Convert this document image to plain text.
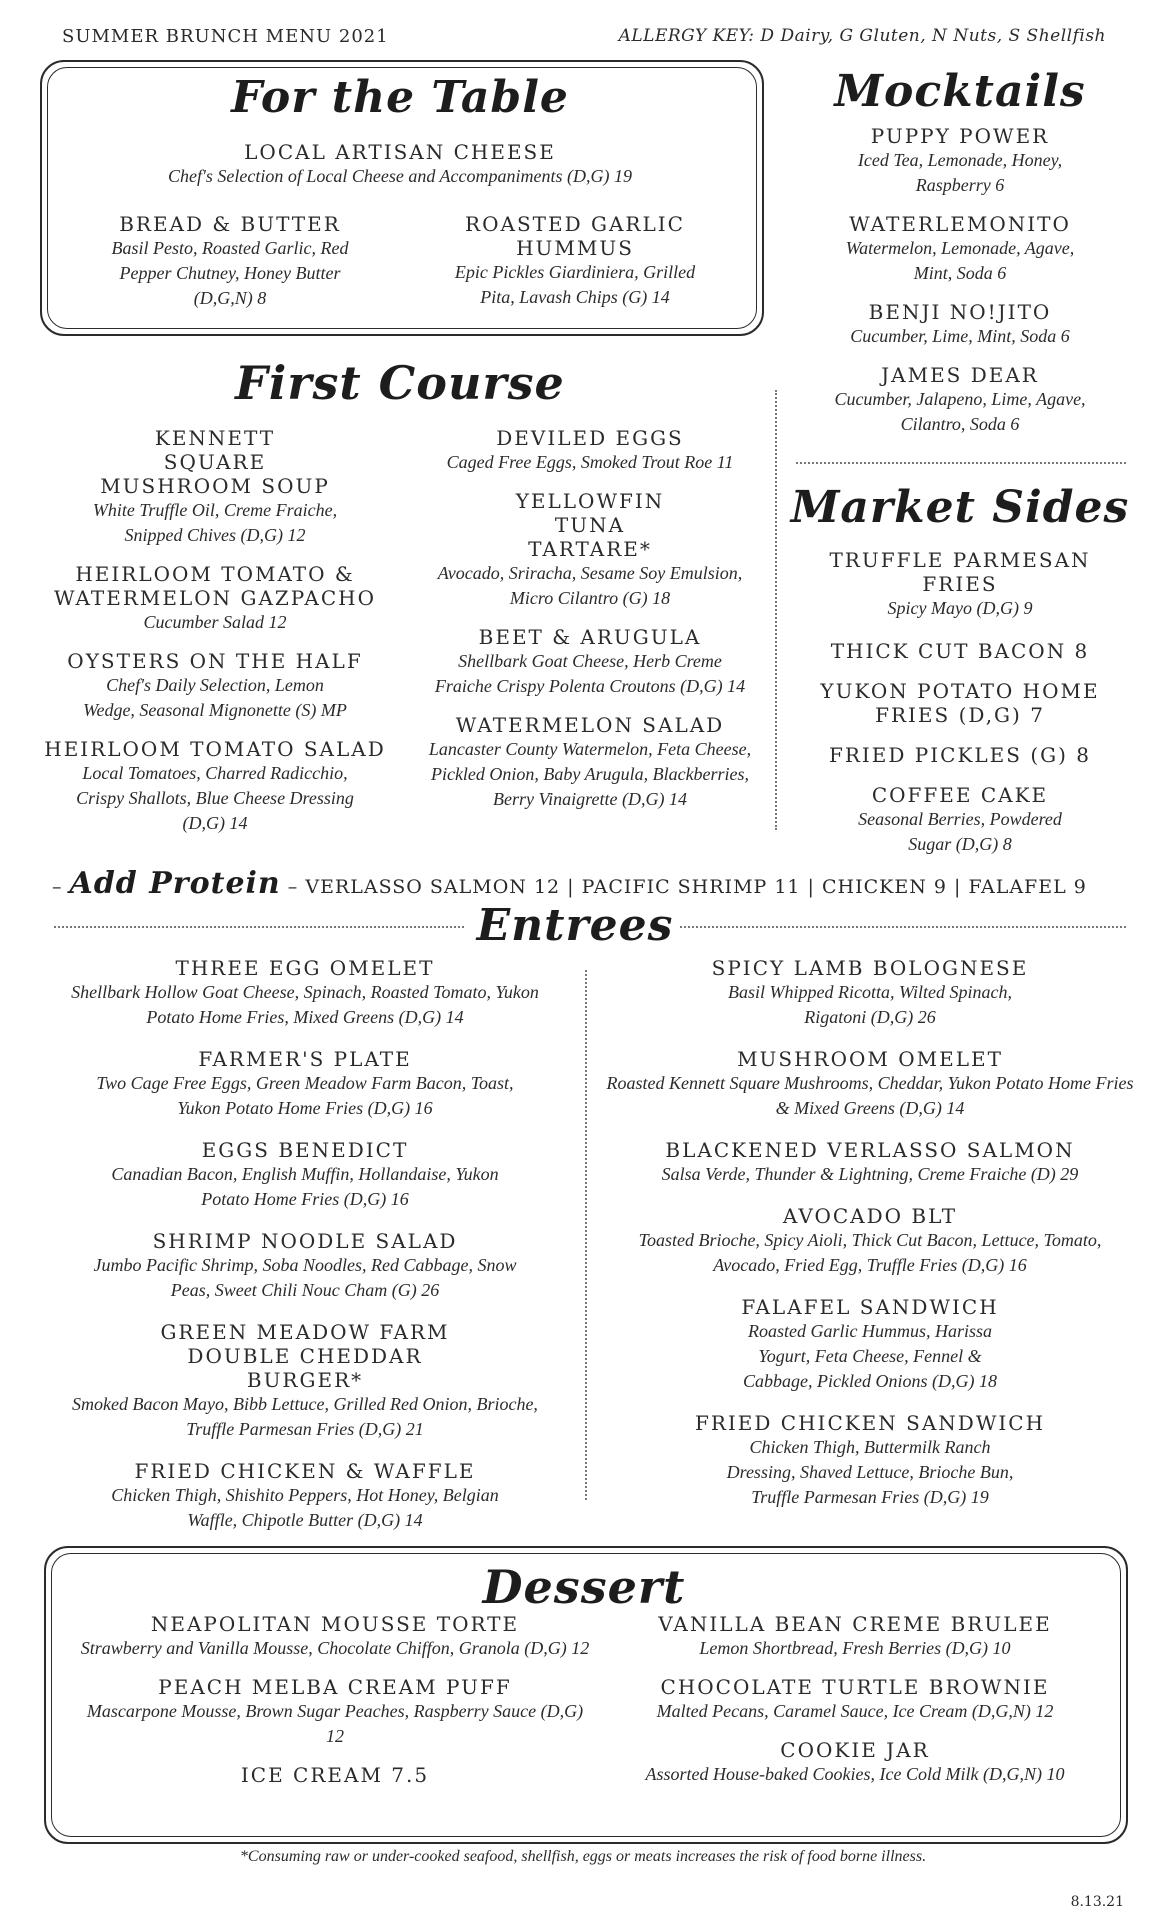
SUMMER BRUNCH MENU 2021	ALLERGY KEY: D Dairy, G Gluten, N Nuts, S Shellfish
For the Table
LOCAL ARTISAN CHEESE
Chef's Selection of Local Cheese and Accompaniments (D,G) 19
BREAD & BUTTER
Basil Pesto, Roasted Garlic, Red Pepper Chutney, Honey Butter (D,G,N) 8
ROASTED GARLIC HUMMUS
Epic Pickles Giardiniera, Grilled Pita, Lavash Chips (G) 14
Mocktails
PUPPY POWER
Iced Tea, Lemonade, Honey, Raspberry 6
WATERLEMONITO
Watermelon, Lemonade, Agave, Mint, Soda 6
BENJI NO!JITO
Cucumber, Lime, Mint, Soda 6
JAMES DEAR
Cucumber, Jalapeno, Lime, Agave, Cilantro, Soda 6
First Course
KENNETT SQUARE MUSHROOM SOUP
White Truffle Oil, Creme Fraiche, Snipped Chives (D,G) 12
HEIRLOOM TOMATO & WATERMELON GAZPACHO
Cucumber Salad 12
OYSTERS ON THE HALF
Chef's Daily Selection, Lemon Wedge, Seasonal Mignonette (S) MP
HEIRLOOM TOMATO SALAD
Local Tomatoes, Charred Radicchio, Crispy Shallots, Blue Cheese Dressing (D,G) 14
DEVILED EGGS
Caged Free Eggs, Smoked Trout Roe 11
YELLOWFIN TUNA TARTARE*
Avocado, Sriracha, Sesame Soy Emulsion, Micro Cilantro (G) 18
BEET & ARUGULA
Shellbark Goat Cheese, Herb Creme Fraiche Crispy Polenta Croutons (D,G) 14
WATERMELON SALAD
Lancaster County Watermelon, Feta Cheese, Pickled Onion, Baby Arugula, Blackberries, Berry Vinaigrette (D,G) 14
Market Sides
TRUFFLE PARMESAN FRIES
Spicy Mayo (D,G) 9
THICK CUT BACON 8
YUKON POTATO HOME FRIES (D,G) 7
FRIED PICKLES (G) 8
COFFEE CAKE
Seasonal Berries, Powdered Sugar (D,G) 8
– Add Protein – VERLASSO SALMON 12 | PACIFIC SHRIMP 11 | CHICKEN 9 | FALAFEL 9
Entrees
THREE EGG OMELET
Shellbark Hollow Goat Cheese, Spinach, Roasted Tomato, Yukon Potato Home Fries, Mixed Greens (D,G) 14
FARMER'S PLATE
Two Cage Free Eggs, Green Meadow Farm Bacon, Toast, Yukon Potato Home Fries (D,G) 16
EGGS BENEDICT
Canadian Bacon, English Muffin, Hollandaise, Yukon Potato Home Fries (D,G) 16
SHRIMP NOODLE SALAD
Jumbo Pacific Shrimp, Soba Noodles, Red Cabbage, Snow Peas, Sweet Chili Nouc Cham (G) 26
GREEN MEADOW FARM DOUBLE CHEDDAR BURGER*
Smoked Bacon Mayo, Bibb Lettuce, Grilled Red Onion, Brioche, Truffle Parmesan Fries (D,G) 21
FRIED CHICKEN & WAFFLE
Chicken Thigh, Shishito Peppers, Hot Honey, Belgian Waffle, Chipotle Butter (D,G) 14
SPICY LAMB BOLOGNESE
Basil Whipped Ricotta, Wilted Spinach, Rigatoni (D,G) 26
MUSHROOM OMELET
Roasted Kennett Square Mushrooms, Cheddar, Yukon Potato Home Fries & Mixed Greens (D,G) 14
BLACKENED VERLASSO SALMON
Salsa Verde, Thunder & Lightning, Creme Fraiche (D) 29
AVOCADO BLT
Toasted Brioche, Spicy Aioli, Thick Cut Bacon, Lettuce, Tomato, Avocado, Fried Egg, Truffle Fries (D,G) 16
FALAFEL SANDWICH
Roasted Garlic Hummus, Harissa Yogurt, Feta Cheese, Fennel & Cabbage, Pickled Onions (D,G) 18
FRIED CHICKEN SANDWICH
Chicken Thigh, Buttermilk Ranch Dressing, Shaved Lettuce, Brioche Bun, Truffle Parmesan Fries (D,G) 19
Dessert
NEAPOLITAN MOUSSE TORTE
Strawberry and Vanilla Mousse, Chocolate Chiffon, Granola (D,G) 12
PEACH MELBA CREAM PUFF
Mascarpone Mousse, Brown Sugar Peaches, Raspberry Sauce (D,G) 12
ICE CREAM 7.5
VANILLA BEAN CREME BRULEE
Lemon Shortbread, Fresh Berries (D,G) 10
CHOCOLATE TURTLE BROWNIE
Malted Pecans, Caramel Sauce, Ice Cream (D,G,N) 12
COOKIE JAR
Assorted House-baked Cookies, Ice Cold Milk (D,G,N) 10
*Consuming raw or under-cooked seafood, shellfish, eggs or meats increases the risk of food borne illness.
8.13.21
